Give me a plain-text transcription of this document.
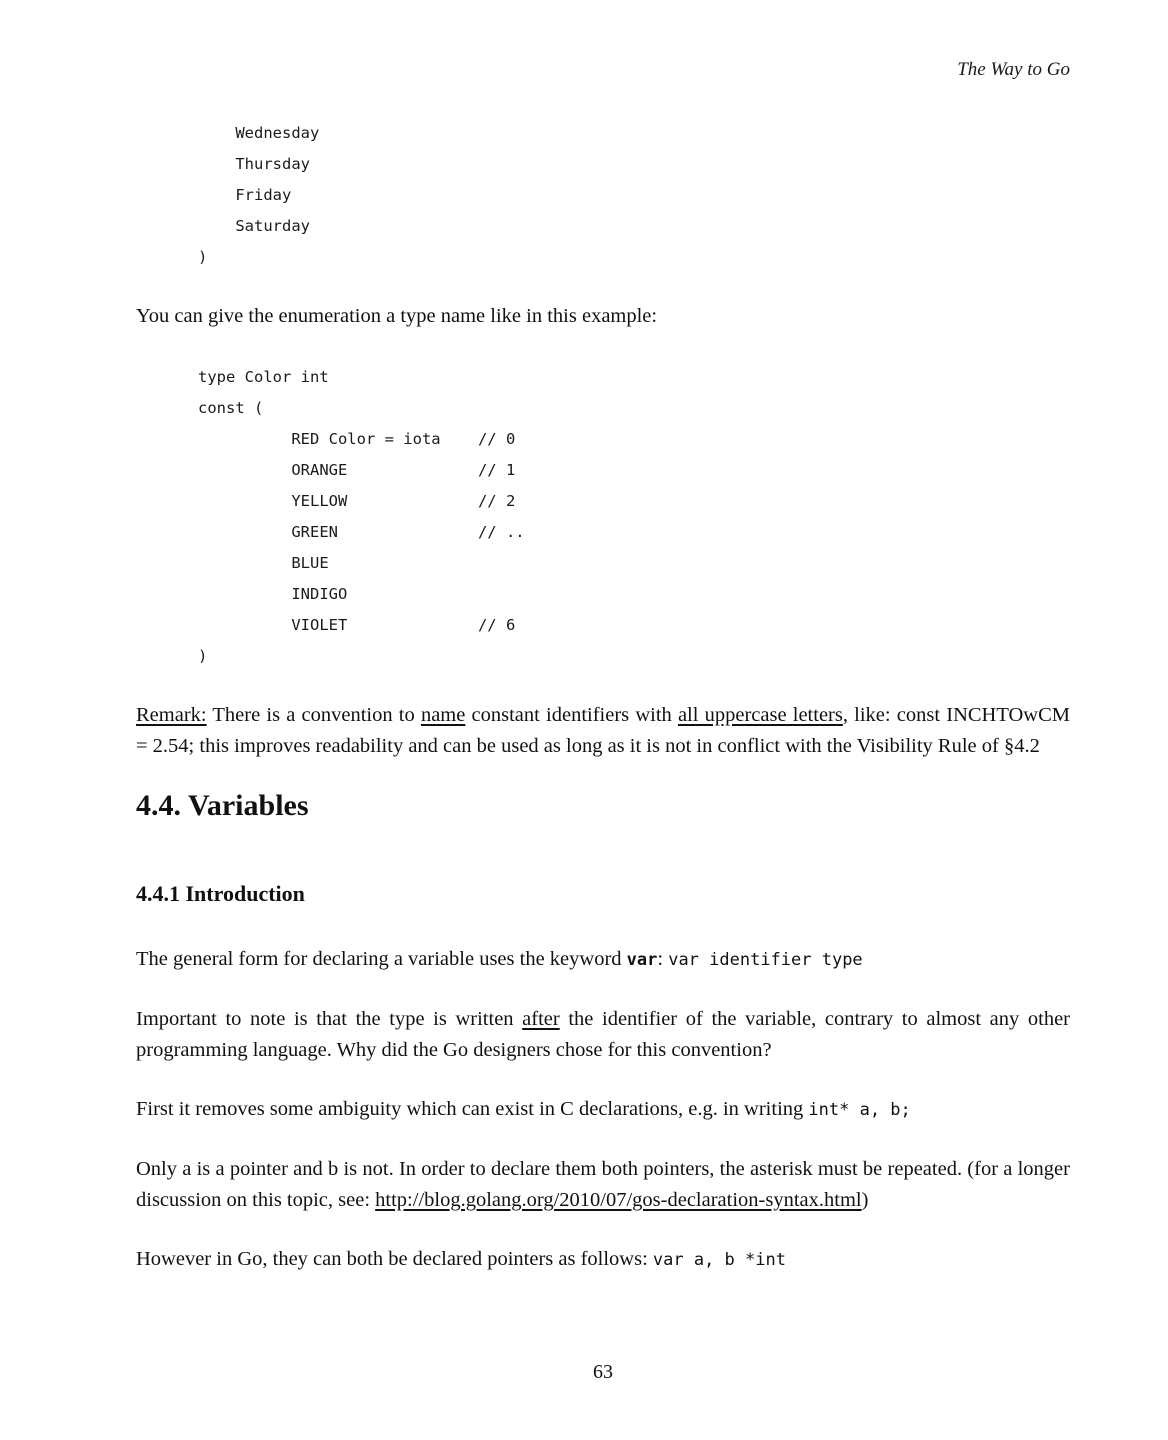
The Way to Go
Wednesday
Thursday
Friday
Saturday
)

You can give the enumeration a type name like in this example:

type Color int
const (
RED Color = iota    // 0
ORANGE              // 1
YELLOW              // 2
GREEN               // ..
BLUE
INDIGO
VIOLET              // 6
)

Remark: There is a convention to name constant identifiers with all uppercase letters, like: const INCHTOwCM = 2.54; this improves readability and can be used as long as it is not in conflict with the Visibility Rule of §4.2

4.4. Variables
4.4.1 Introduction

The general form for declaring a variable uses the keyword var: var identifier type

Important to note is that the type is written after the identifier of the variable, contrary to almost any other programming language. Why did the Go designers chose for this convention?

First it removes some ambiguity which can exist in C declarations, e.g. in writing int* a, b;

Only a is a pointer and b is not. In order to declare them both pointers, the asterisk must be repeated. (for a longer discussion on this topic, see: http://blog.golang.org/2010/07/gos-declaration-syntax.html)

However in Go, they can both be declared pointers as follows: var a, b *int

63
